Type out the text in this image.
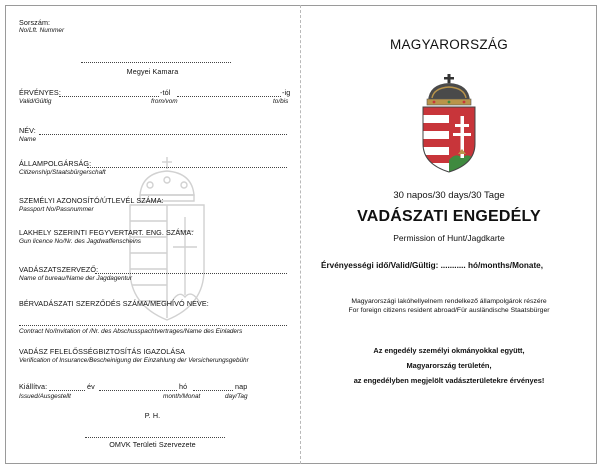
Sorszám:
No/Lft. Nummer
Megyei Kamara
ÉRVÉNYES:	-tól	-ig
Valid/Gültig	from/vom	to/bis
NÉV:
Name
ÁLLAMPOLGÁRSÁG:
Citizenship/Staatsbürgerschaft
SZEMÉLYI AZONOSÍTÓ/ÚTLEVÉL SZÁMA:
Passport No/Passnummer
LAKHELY SZERINTI FEGYVERTART. ENG. SZÁMA:
Gun licence No/Nr. des Jagdwaffenscheins
VADÁSZATSZERVEZŐ:
Name of bureau/Name der Jagdagentur
BÉRVADÁSZATI SZERZŐDÉS SZÁMA/MEGHÍVÓ NEVE:
Contract No/Invitation of /Nr. des Abschusspachtvertrages/Name des Einladers
VADÁSZ FELELŐSSÉGBIZTOSÍTÁS IGAZOLÁSA
Verification of Insurance/Bescheinigung der Einzahlung der Versicherungsgebühr
Kiállítva:	év	hó	nap
Issued/Ausgestellt	month/Monat	day/Tag
P. H.
OMVK Területi Szervezete
MAGYARORSZÁG
30 napos/30 days/30 Tage
VADÁSZATI ENGEDÉLY
Permission of Hunt/Jagdkarte
Érvényességi idő/Valid/Gültig: ........... hó/months/Monate,
Magyarországi lakóhellyelnem rendelkező állampolgárok részére
For foreign citizens resident abroad/Für ausländische Staatsbürger
Az engedély személyi okmányokkal együtt,
Magyarország területén,
az engedélyben megjelölt vadászterületekre érvényes!
